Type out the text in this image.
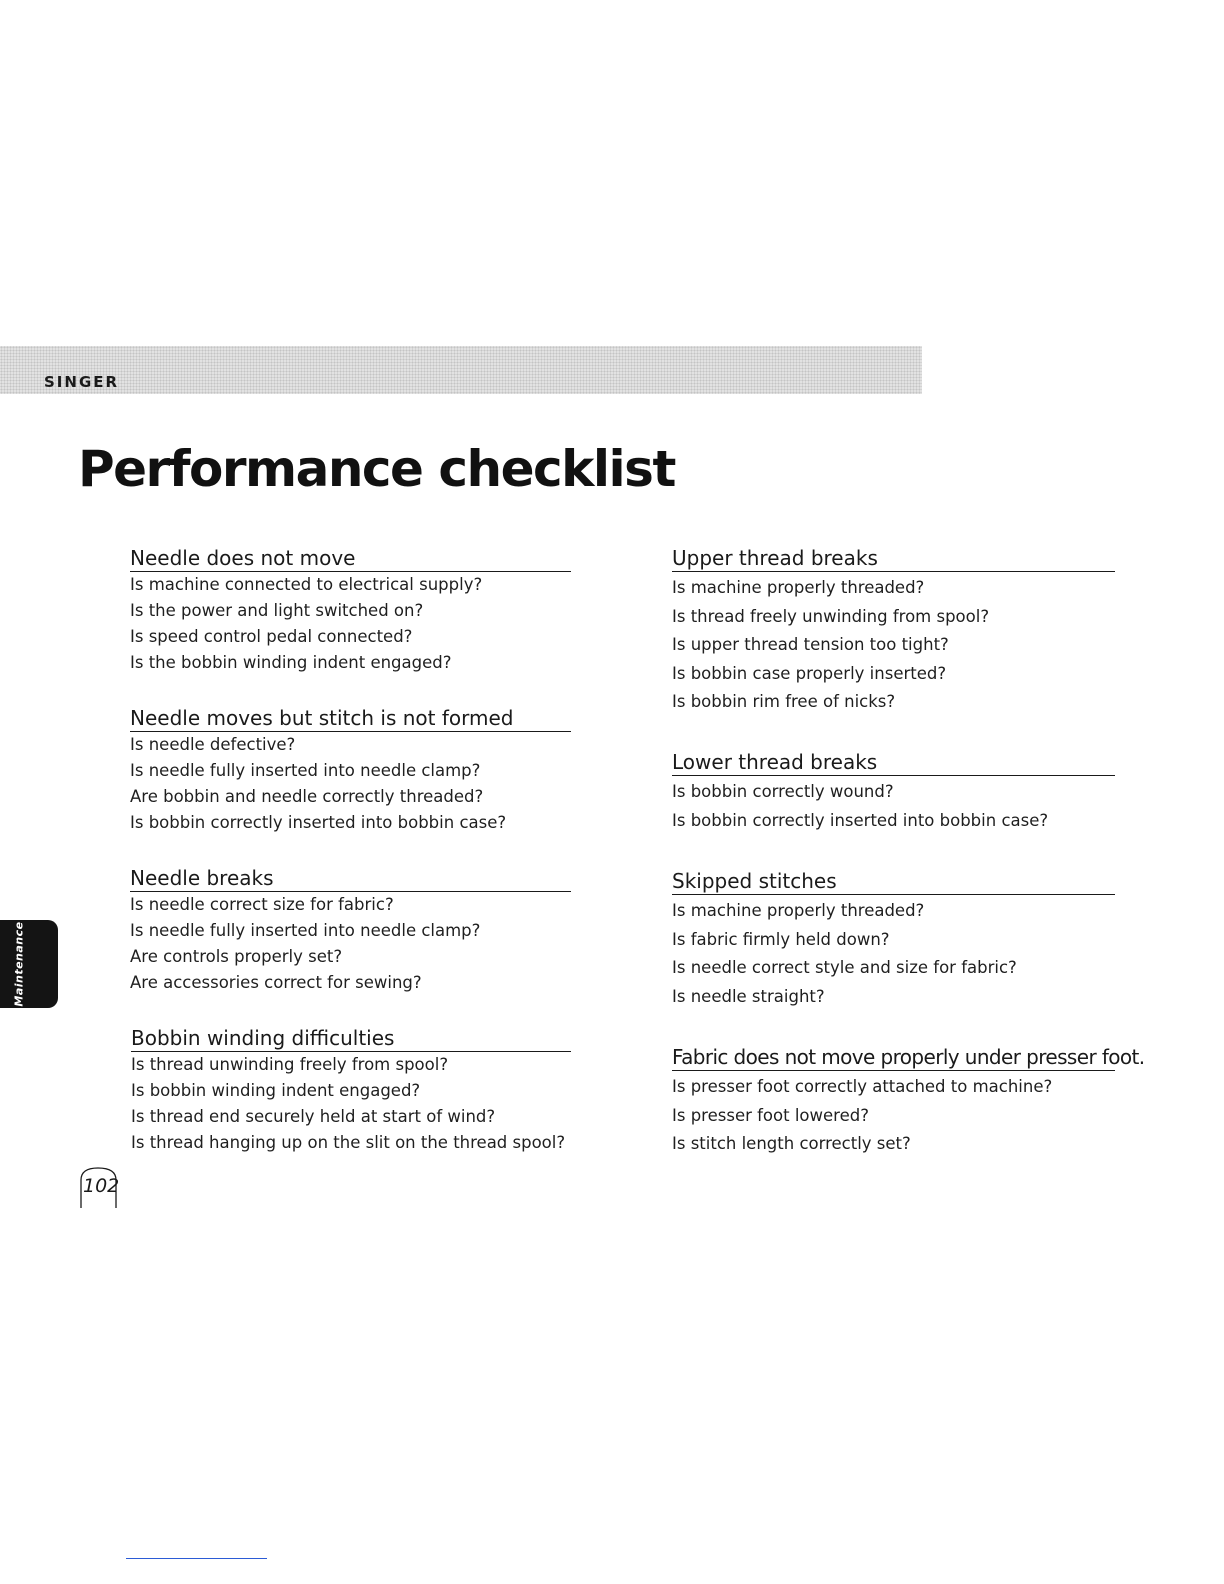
SINGER
Performance checklist
Needle does not move
Is machine connected to electrical supply?
Is the power and light switched on?
Is speed control pedal connected?
Is the bobbin winding indent engaged?
Needle moves but stitch is not formed
Is needle defective?
Is needle fully inserted into needle clamp?
Are bobbin and needle correctly threaded?
Is bobbin correctly inserted into bobbin case?
Needle breaks
Is needle correct size for fabric?
Is needle fully inserted into needle clamp?
Are controls properly set?
Are accessories correct for sewing?
Bobbin winding difficulties
Is thread unwinding freely from spool?
Is bobbin winding indent engaged?
Is thread end securely held at start of wind?
Is thread hanging up on the slit on the thread spool?
Upper thread breaks
Is machine properly threaded?
Is thread freely unwinding from spool?
Is upper thread tension too tight?
Is bobbin case properly inserted?
Is bobbin rim free of nicks?
Lower thread breaks
Is bobbin correctly wound?
Is bobbin correctly inserted into bobbin case?
Skipped stitches
Is machine properly threaded?
Is fabric firmly held down?
Is needle correct style and size for fabric?
Is needle straight?
Fabric does not move properly under presser foot.
Is presser foot correctly attached to machine?
Is presser foot lowered?
Is stitch length correctly set?
Maintenance
102
